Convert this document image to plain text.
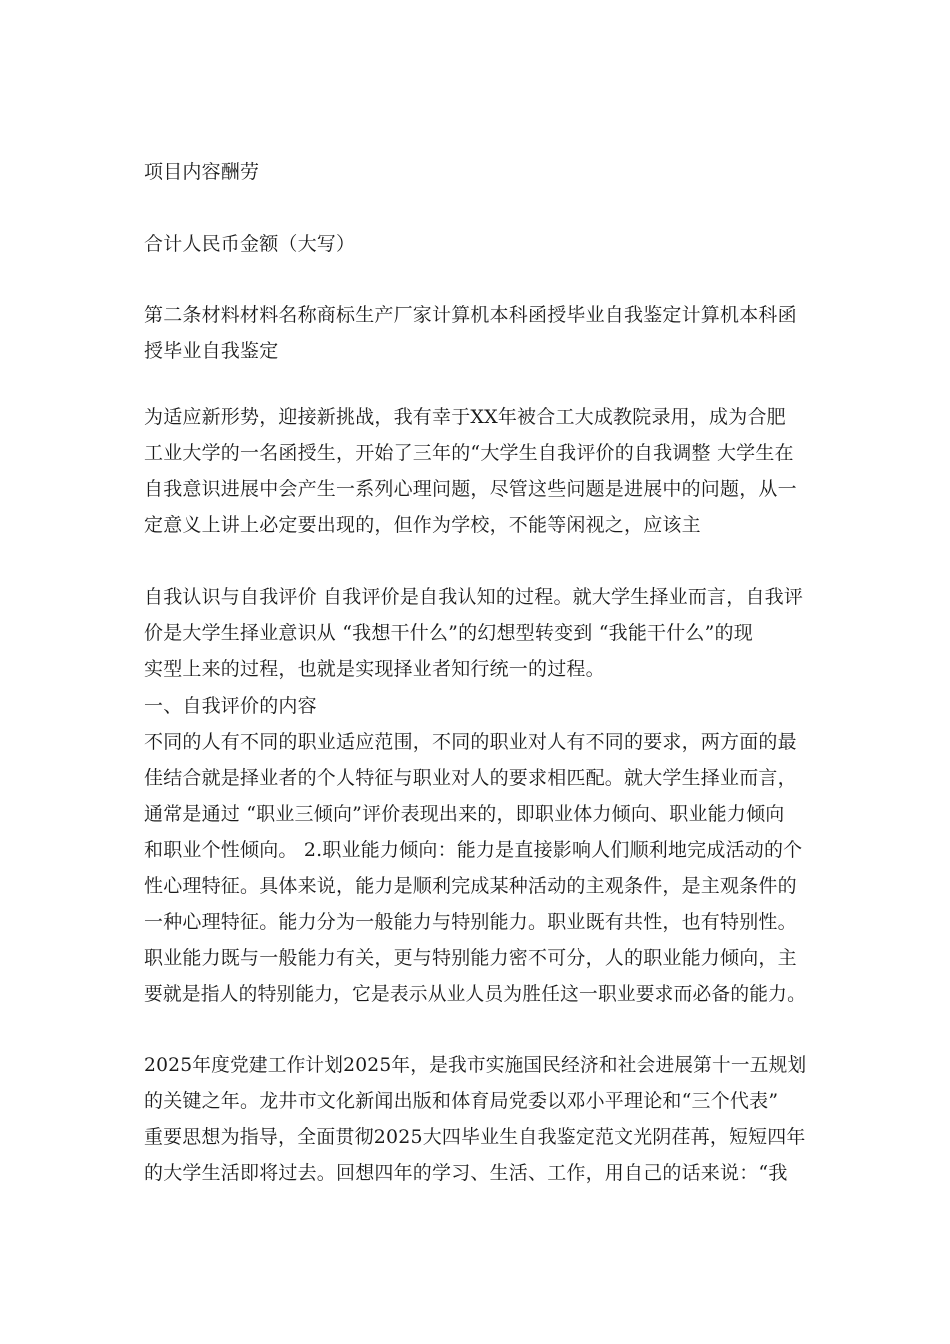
项目内容酬劳

合计人民币金额（大写）

第二条材料材料名称商标生产厂家计算机本科函授毕业自我鉴定计算机本科函

授毕业自我鉴定

为适应新形势，迎接新挑战，我有幸于XX年被合工大成教院录用，成为合肥

工业大学的一名函授生，开始了三年的“大学生自我评价的自我调整 大学生在

自我意识进展中会产生一系列心理问题，尽管这些问题是进展中的问题，从一

定意义上讲上必定要出现的，但作为学校，不能等闲视之，应该主

自我认识与自我评价 自我评价是自我认知的过程。就大学生择业而言，自我评

价是大学生择业意识从 “我想干什么”的幻想型转变到 “我能干什么”的现

实型上来的过程，也就是实现择业者知行统一的过程。

一、自我评价的内容

不同的人有不同的职业适应范围，不同的职业对人有不同的要求，两方面的最

佳结合就是择业者的个人特征与职业对人的要求相匹配。就大学生择业而言，

通常是通过 “职业三倾向”评价表现出来的，即职业体力倾向、职业能力倾向

和职业个性倾向。 2.职业能力倾向：能力是直接影响人们顺利地完成活动的个

性心理特征。具体来说，能力是顺利完成某种活动的主观条件，是主观条件的

一种心理特征。能力分为一般能力与特别能力。职业既有共性，也有特别性。

职业能力既与一般能力有关，更与特别能力密不可分，人的职业能力倾向，主

要就是指人的特别能力，它是表示从业人员为胜任这一职业要求而必备的能力。

2025年度党建工作计划2025年，是我市实施国民经济和社会进展第十一五规划

的关键之年。龙井市文化新闻出版和体育局党委以邓小平理论和“三个代表”

重要思想为指导，全面贯彻2025大四毕业生自我鉴定范文光阴荏苒，短短四年

的大学生活即将过去。回想四年的学习、生活、工作，用自己的话来说：“我
